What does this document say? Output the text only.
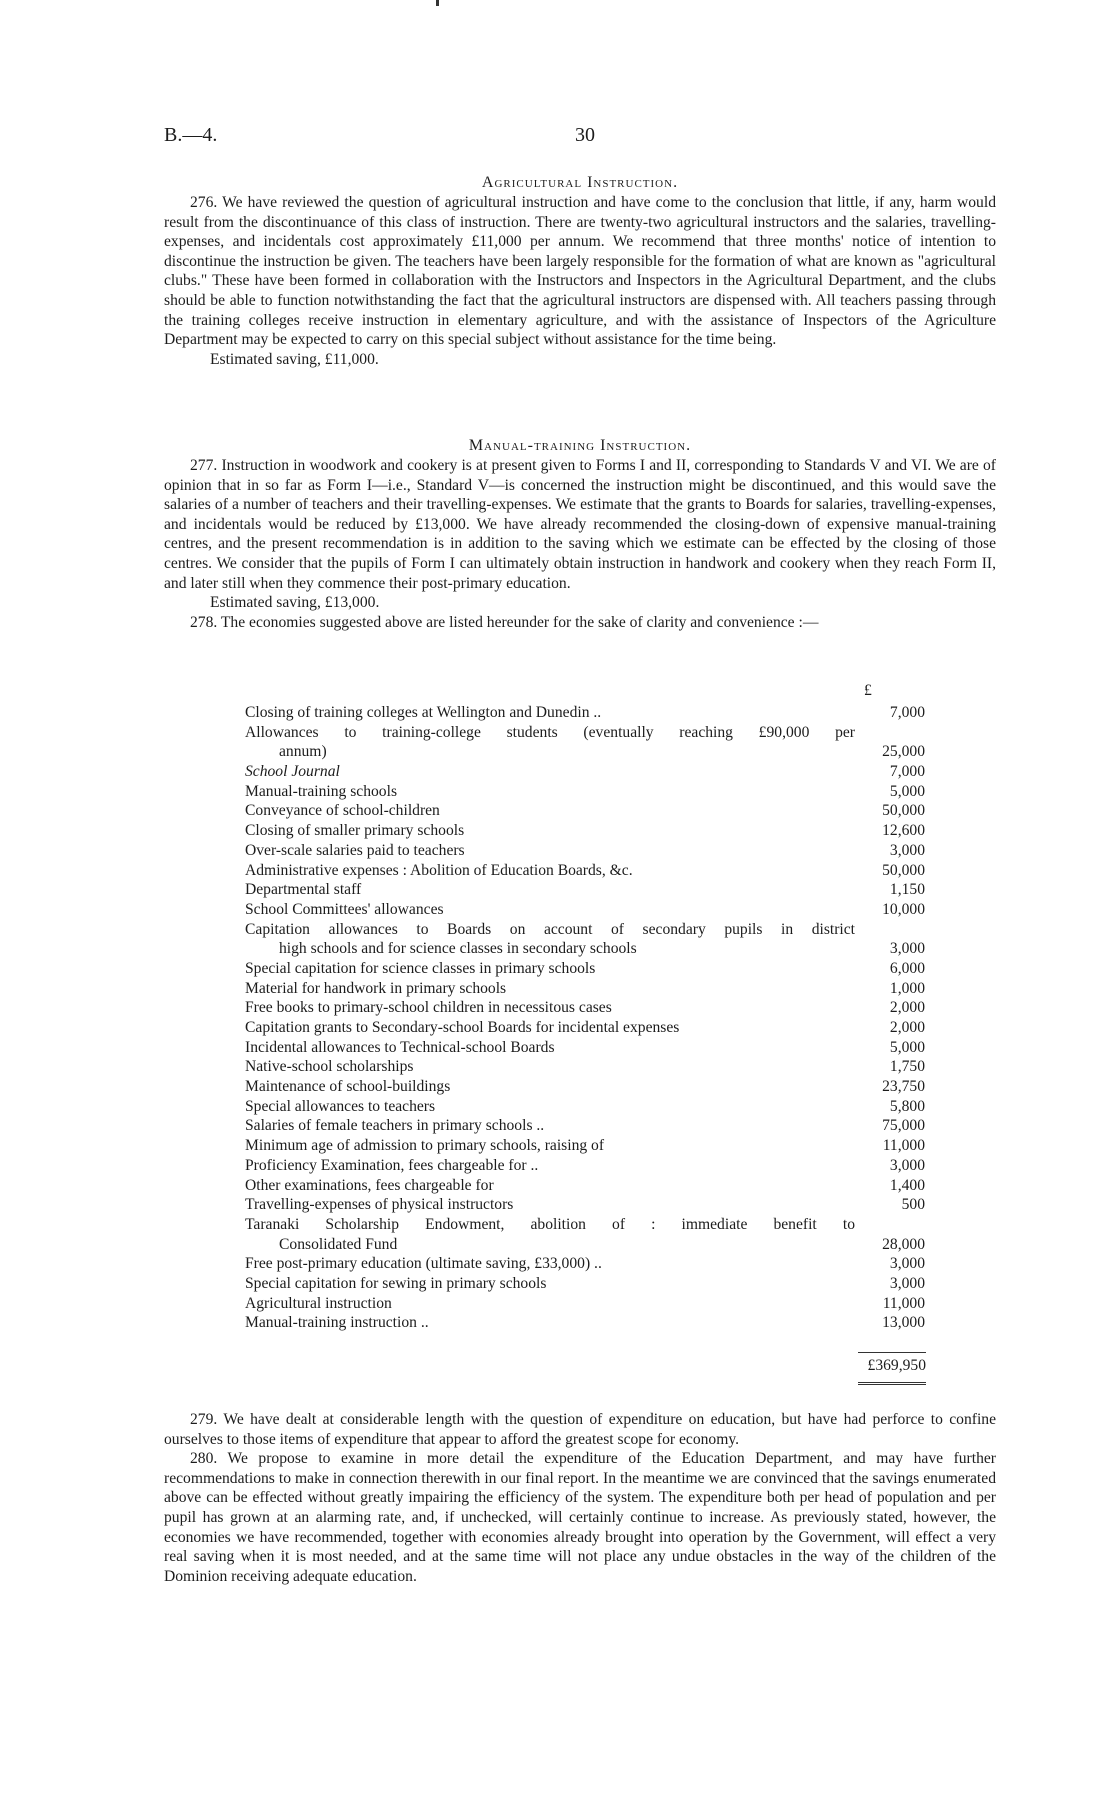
B.—4.	30
Agricultural Instruction.

276. We have reviewed the question of agricultural instruction and have come to the conclusion that little, if any, harm would result from the discontinuance of this class of instruction. There are twenty-two agricultural instructors and the salaries, travelling-expenses, and incidentals cost approximately £11,000 per annum. We recommend that three months' notice of intention to discontinue the instruction be given. The teachers have been largely responsible for the formation of what are known as "agricultural clubs." These have been formed in collaboration with the Instructors and Inspectors in the Agricultural Department, and the clubs should be able to function notwithstanding the fact that the agricultural instructors are dispensed with. All teachers passing through the training colleges receive instruction in elementary agriculture, and with the assistance of Inspectors of the Agriculture Department may be expected to carry on this special subject without assistance for the time being.

Estimated saving, £11,000.

Manual-training Instruction.

277. Instruction in woodwork and cookery is at present given to Forms I and II, corresponding to Standards V and VI. We are of opinion that in so far as Form I—i.e., Standard V—is concerned the instruction might be discontinued, and this would save the salaries of a number of teachers and their travelling-expenses. We estimate that the grants to Boards for salaries, travelling-expenses, and incidentals would be reduced by £13,000. We have already recommended the closing-down of expensive manual-training centres, and the present recommendation is in addition to the saving which we estimate can be effected by the closing of those centres. We consider that the pupils of Form I can ultimately obtain instruction in handwork and cookery when they reach Form II, and later still when they commence their post-primary education.

Estimated saving, £13,000.

278. The economies suggested above are listed hereunder for the sake of clarity and convenience :—

£
Closing of training colleges at Wellington and Dunedin ..	7,000
Allowances to training-college students (eventually reaching £90,000 per
annum)	25,000
School Journal	7,000
Manual-training schools	5,000
Conveyance of school-children	50,000
Closing of smaller primary schools	12,600
Over-scale salaries paid to teachers	3,000
Administrative expenses : Abolition of Education Boards, &c.	50,000
Departmental staff	1,150
School Committees' allowances	10,000
Capitation allowances to Boards on account of secondary pupils in district
high schools and for science classes in secondary schools	3,000
Special capitation for science classes in primary schools	6,000
Material for handwork in primary schools	1,000
Free books to primary-school children in necessitous cases	2,000
Capitation grants to Secondary-school Boards for incidental expenses	2,000
Incidental allowances to Technical-school Boards	5,000
Native-school scholarships	1,750
Maintenance of school-buildings	23,750
Special allowances to teachers	5,800
Salaries of female teachers in primary schools ..	75,000
Minimum age of admission to primary schools, raising of	11,000
Proficiency Examination, fees chargeable for ..	3,000
Other examinations, fees chargeable for	1,400
Travelling-expenses of physical instructors	500
Taranaki Scholarship Endowment, abolition of : immediate benefit to
Consolidated Fund	28,000
Free post-primary education (ultimate saving, £33,000) ..	3,000
Special capitation for sewing in primary schools	3,000
Agricultural instruction	11,000
Manual-training instruction ..	13,000
£369,950

279. We have dealt at considerable length with the question of expenditure on education, but have had perforce to confine ourselves to those items of expenditure that appear to afford the greatest scope for economy.

280. We propose to examine in more detail the expenditure of the Education Department, and may have further recommendations to make in connection therewith in our final report. In the meantime we are convinced that the savings enumerated above can be effected without greatly impairing the efficiency of the system. The expenditure both per head of population and per pupil has grown at an alarming rate, and, if unchecked, will certainly continue to increase. As previously stated, however, the economies we have recommended, together with economies already brought into operation by the Government, will effect a very real saving when it is most needed, and at the same time will not place any undue obstacles in the way of the children of the Dominion receiving adequate education.
